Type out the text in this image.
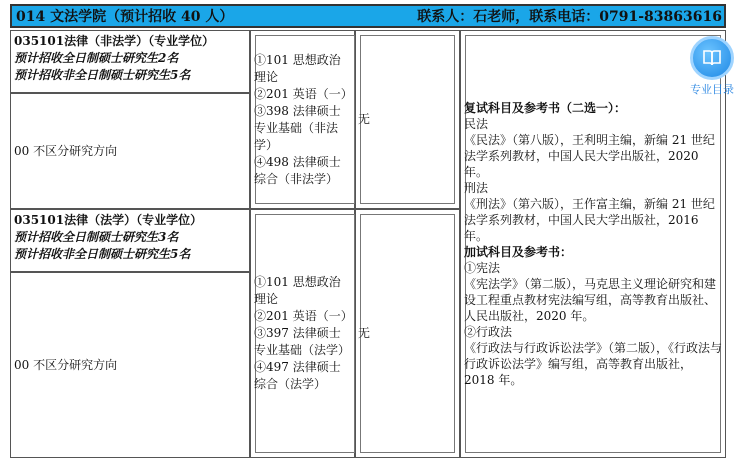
014 文法学院（预计招收 40 人）	联系人：石老师，联系电话：0791-83863616
035101法律（非法学）（专业学位）
预计招收全日制硕士研究生2名
预计招收非全日制硕士研究生5名
00 不区分研究方向
①101 思想政治理论
②201 英语（一）
③398 法律硕士专业基础（非法学）
④498 法律硕士综合（非法学）
无
035101法律（法学）（专业学位）
预计招收全日制硕士研究生3名
预计招收非全日制硕士研究生5名
00 不区分研究方向
①101 思想政治理论
②201 英语（一）
③397 法律硕士专业基础（法学）
④497 法律硕士综合（法学）
无
复试科目及参考书（二选一）：
民法
《民法》（第八版），王利明主编，新编 21 世纪法学系列教材，中国人民大学出版社，2020 年。
刑法
《刑法》（第六版），王作富主编，新编 21 世纪法学系列教材，中国人民大学出版社，2016 年。
加试科目及参考书：
①宪法
《宪法学》（第二版），马克思主义理论研究和建设工程重点教材宪法编写组，高等教育出版社、人民出版社，2020 年。
②行政法
《行政法与行政诉讼法学》（第二版），《行政法与行政诉讼法学》编写组，高等教育出版社，2018 年。
专业目录
